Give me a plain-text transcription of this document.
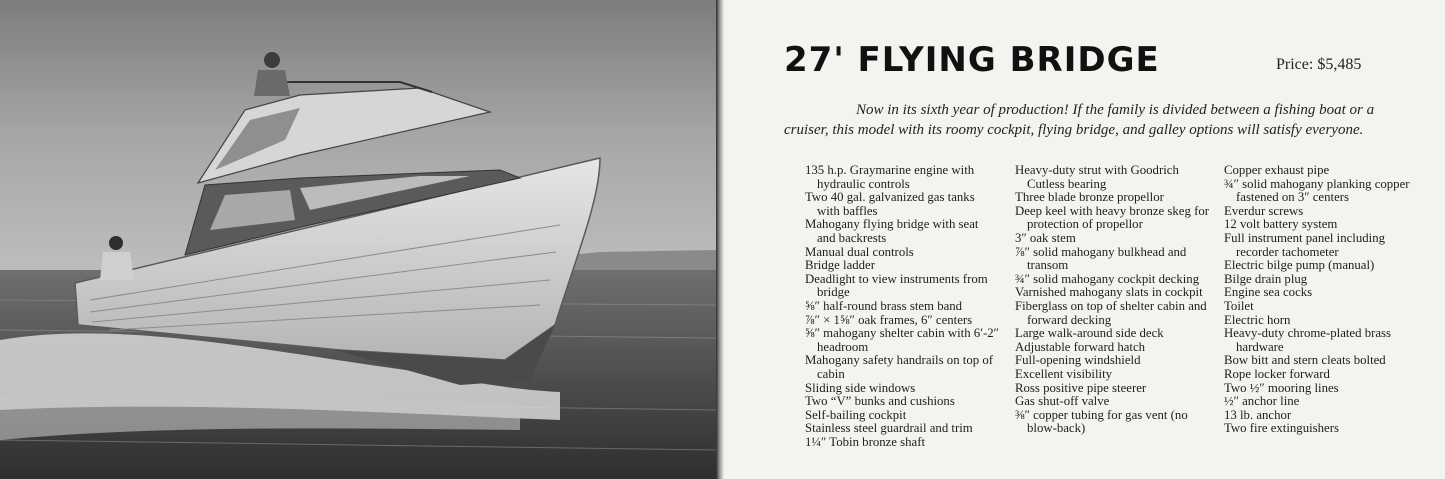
27' FLYING BRIDGE	Price: $5,485
Now in its sixth year of production! If the family is divided between a fishing boat or a cruiser, this model with its roomy cockpit, flying bridge, and galley options will satisfy everyone.
135 h.p. Graymarine engine with hydraulic controls
Two 40 gal. galvanized gas tanks with baffles
Mahogany flying bridge with seat and backrests
Manual dual controls
Bridge ladder
Deadlight to view instruments from bridge
⅝″ half-round brass stem band
⅞″ × 1⅝″ oak frames, 6″ centers
⅝″ mahogany shelter cabin with 6′-2″ headroom
Mahogany safety handrails on top of cabin
Sliding side windows
Two “V” bunks and cushions
Self-bailing cockpit
Stainless steel guardrail and trim
1¼″ Tobin bronze shaft
Heavy-duty strut with Goodrich Cutless bearing
Three blade bronze propellor
Deep keel with heavy bronze skeg for protection of propellor
3″ oak stem
⅞″ solid mahogany bulkhead and transom
¾″ solid mahogany cockpit decking
Varnished mahogany slats in cockpit
Fiberglass on top of shelter cabin and forward decking
Large walk-around side deck
Adjustable forward hatch
Full-opening windshield
Excellent visibility
Ross positive pipe steerer
Gas shut-off valve
⅜″ copper tubing for gas vent (no blow-back)
Copper exhaust pipe
¾″ solid mahogany planking copper fastened on 3″ centers
Everdur screws
12 volt battery system
Full instrument panel including recorder tachometer
Electric bilge pump (manual)
Bilge drain plug
Engine sea cocks
Toilet
Electric horn
Heavy-duty chrome-plated brass hardware
Bow bitt and stern cleats bolted
Rope locker forward
Two ½″ mooring lines
½″ anchor line
13 lb. anchor
Two fire extinguishers
